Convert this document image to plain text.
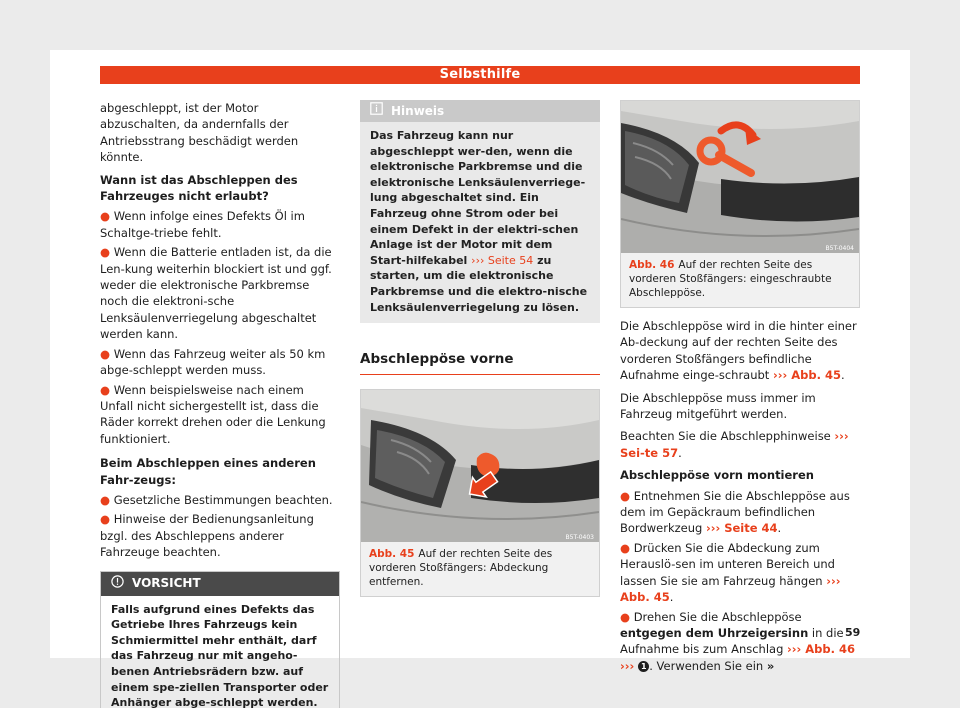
Selbsthilfe
abgeschleppt, ist der Motor abzuschalten, da andernfalls der Antriebsstrang beschädigt werden könnte.
Wann ist das Abschleppen des Fahrzeuges nicht erlaubt?
● Wenn infolge eines Defekts Öl im Schaltge-triebe fehlt.
● Wenn die Batterie entladen ist, da die Len-kung weiterhin blockiert ist und ggf. weder die elektronische Parkbremse noch die elektroni-sche Lenksäulenverriegelung abgeschaltet werden kann.
● Wenn das Fahrzeug weiter als 50 km abge-schleppt werden muss.
● Wenn beispielsweise nach einem Unfall nicht sichergestellt ist, dass die Räder korrekt drehen oder die Lenkung funktioniert.
Beim Abschleppen eines anderen Fahr-zeugs:
● Gesetzliche Bestimmungen beachten.
● Hinweise der Bedienungsanleitung bzgl. des Abschleppens anderer Fahrzeuge beachten.
VORSICHT
Falls aufgrund eines Defekts das Getriebe Ihres Fahrzeugs kein Schmiermittel mehr enthält, darf das Fahrzeug nur mit angeho-benen Antriebsrädern bzw. auf einem spe-ziellen Transporter oder Anhänger abge-schleppt werden.
Hinweis
Das Fahrzeug kann nur abgeschleppt wer-den, wenn die elektronische Parkbremse und die elektronische Lenksäulenverriege-lung abgeschaltet sind. Ein Fahrzeug ohne Strom oder bei einem Defekt in der elektri-schen Anlage ist der Motor mit dem Start-hilfekabel ››› Seite 54 zu starten, um die elektronische Parkbremse und die elektro-nische Lenksäulenverriegelung zu lösen.
Abschleppöse vorne
B5T-0403
Abb. 45 Auf der rechten Seite des vorderen Stoßfängers: Abdeckung entfernen.
B5T-0404
Abb. 46 Auf der rechten Seite des vorderen Stoßfängers: eingeschraubte Abschleppöse.
Die Abschleppöse wird in die hinter einer Ab-deckung auf der rechten Seite des vorderen Stoßfängers befindliche Aufnahme einge-schraubt ››› Abb. 45.
Die Abschleppöse muss immer im Fahrzeug mitgeführt werden.
Beachten Sie die Abschlepphinweise ››› Sei-te 57.
Abschleppöse vorn montieren
● Entnehmen Sie die Abschleppöse aus dem im Gepäckraum befindlichen Bordwerkzeug ››› Seite 44.
● Drücken Sie die Abdeckung zum Herauslö-sen im unteren Bereich und lassen Sie sie am Fahrzeug hängen ››› Abb. 45.
● Drehen Sie die Abschleppöse entgegen dem Uhrzeigersinn in die Aufnahme bis zum Anschlag ››› Abb. 46 ››› 1 . Verwenden Sie ein »
59
